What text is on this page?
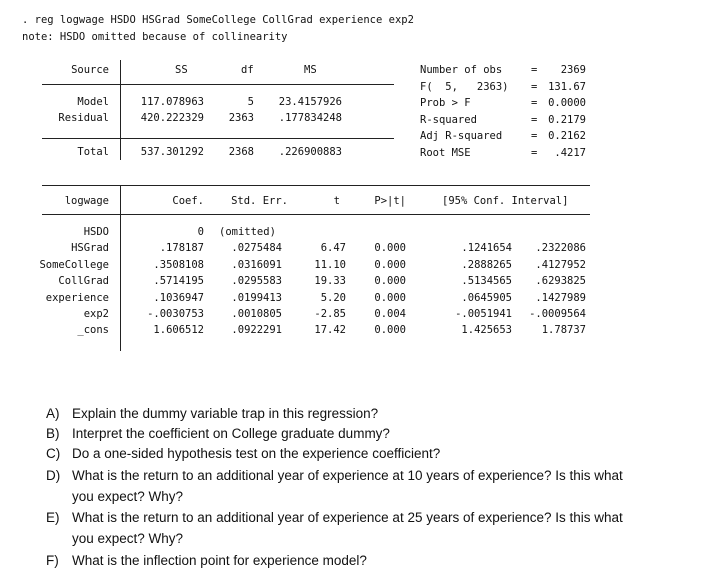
. reg logwage HSDO HSGrad SomeCollege CollGrad experience exp2
note: HSDO omitted because of collinearity
Source	SS	df	MS
Model	117.078963	5	23.4157926
Residual	420.222329	2363	.177834248
Total	537.301292	2368	.226900883
Number of obs	=	2369
F(  5,   2363) =	131.67
Prob > F	=	0.0000
R-squared	=	0.2179
Adj R-squared	=	0.2162
Root MSE	=	.4217
logwage	Coef.	Std. Err.	t	P>|t|	[95% Conf. Interval]
HSDO	0 (omitted)
HSGrad	.178187	.0275484	6.47	0.000	.1241654	.2322086
SomeCollege	.3508108	.0316091	11.10	0.000	.2888265	.4127952
CollGrad	.5714195	.0295583	19.33	0.000	.5134565	.6293825
experience	.1036947	.0199413	5.20	0.000	.0645905	.1427989
exp2	-.0030753	.0010805	-2.85	0.004	-.0051941	-.0009564
_cons	1.606512	.0922291	17.42	0.000	1.425653	1.78737
A) Explain the dummy variable trap in this regression?
B) Interpret the coefficient on College graduate dummy?
C) Do a one-sided hypothesis test on the experience coefficient?
D) What is the return to an additional year of experience at 10 years of experience? Is this what
you expect? Why?
E) What is the return to an additional year of experience at 25 years of experience? Is this what
you expect? Why?
F) What is the inflection point for experience model?
